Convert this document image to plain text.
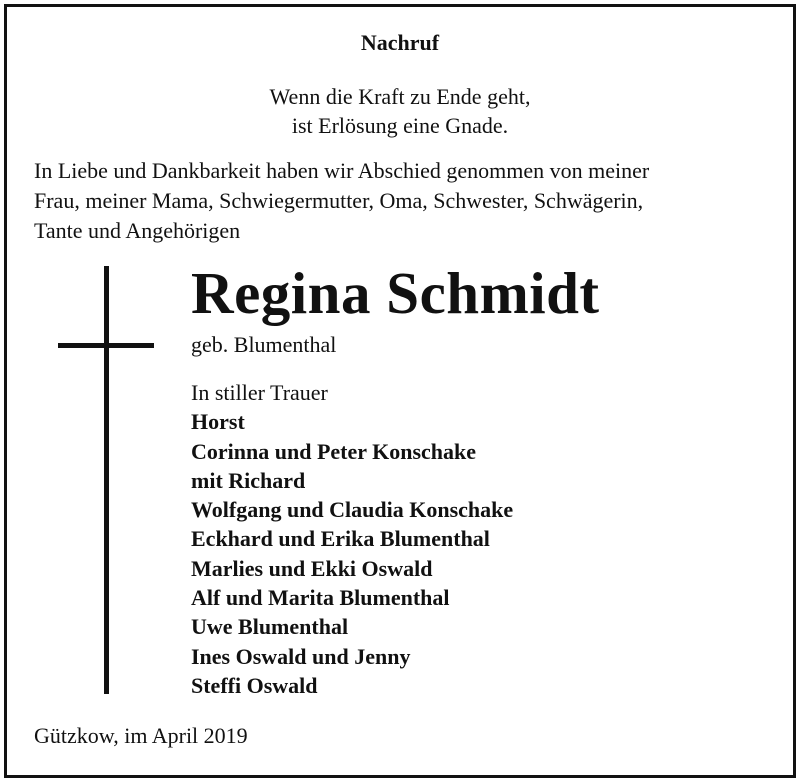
Nachruf
Wenn die Kraft zu Ende geht,
ist Erlösung eine Gnade.
In Liebe und Dankbarkeit haben wir Abschied genommen von meiner
Frau, meiner Mama, Schwiegermutter, Oma, Schwester, Schwägerin,
Tante und Angehörigen
Regina Schmidt
geb. Blumenthal
In stiller Trauer
Horst
Corinna und Peter Konschake
mit Richard
Wolfgang und Claudia Konschake
Eckhard und Erika Blumenthal
Marlies und Ekki Oswald
Alf und Marita Blumenthal
Uwe Blumenthal
Ines Oswald und Jenny
Steffi Oswald
Gützkow, im April 2019
